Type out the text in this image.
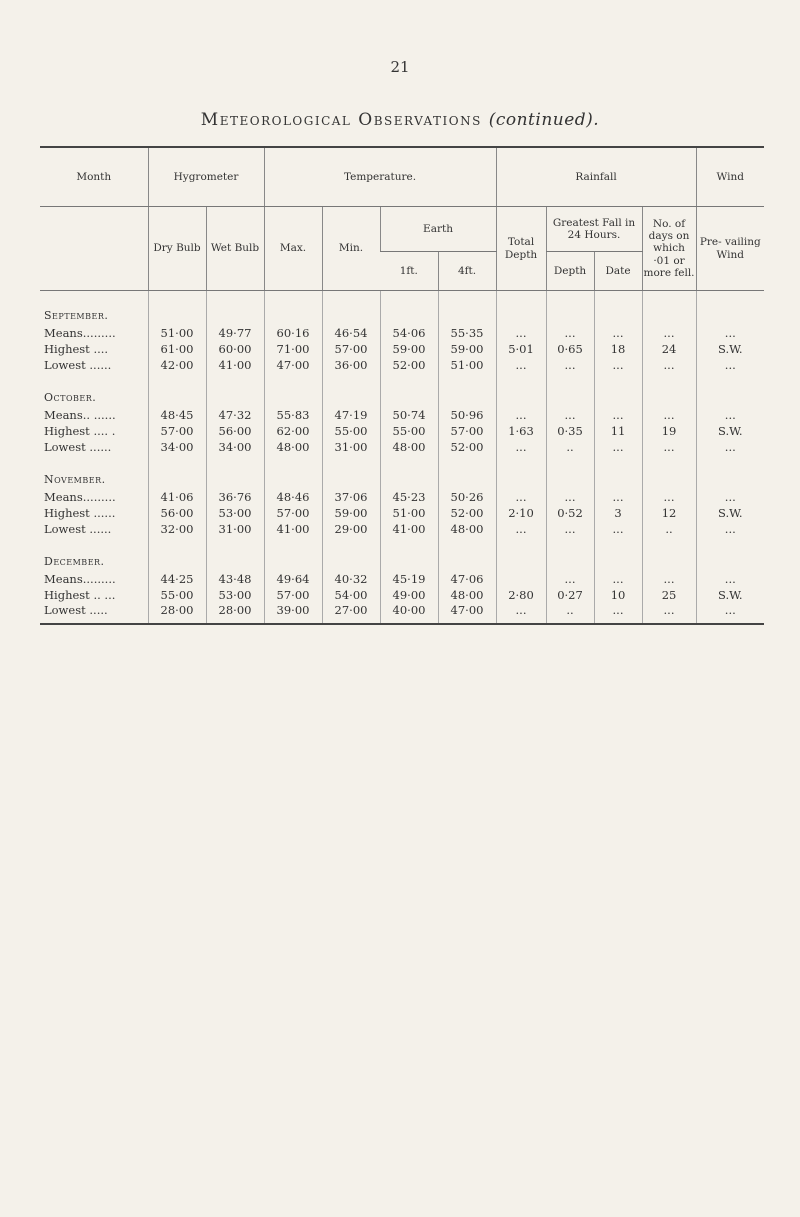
21
Meteorological Observations (continued).
Month	Hygrometer		Temperature.				Rainfall				Wind
	Dry Bulb	Wet Bulb	Max.	Min.	Earth		Total Depth	Greatest Fall in 24 Hours.		No. of days on which ·01 or more fell.	Pre- vailing Wind
					1ft.	4ft.		Depth	Date		
September.											
Means.........	51·00	49·77	60·16	46·54	54·06	55·35	...	...	...	...	...
Highest ....	61·00	60·00	71·00	57·00	59·00	59·00	5·01	0·65	18	24	S.W.
Lowest ......	42·00	41·00	47·00	36·00	52·00	51·00	...	...	...	...	...

October.											
Means.. ......	48·45	47·32	55·83	47·19	50·74	50·96	...	...	...	...	...
Highest .... .	57·00	56·00	62·00	55·00	55·00	57·00	1·63	0·35	11	19	S.W.
Lowest ......	34·00	34·00	48·00	31·00	48·00	52·00	...	..	...	...	...

November.											
Means.........	41·06	36·76	48·46	37·06	45·23	50·26	...	...	...	...	...
Highest ......	56·00	53·00	57·00	59·00	51·00	52·00	2·10	0·52	3	12	S.W.
Lowest ......	32·00	31·00	41·00	29·00	41·00	48·00	...	...	...	..	...

December.											
Means.........	44·25	43·48	49·64	40·32	45·19	47·06		...	...	...	...
Highest .. ...	55·00	53·00	57·00	54·00	49·00	48·00	2·80	0·27	10	25	S.W.
Lowest .....	28·00	28·00	39·00	27·00	40·00	47·00	...	..	...	...	...
